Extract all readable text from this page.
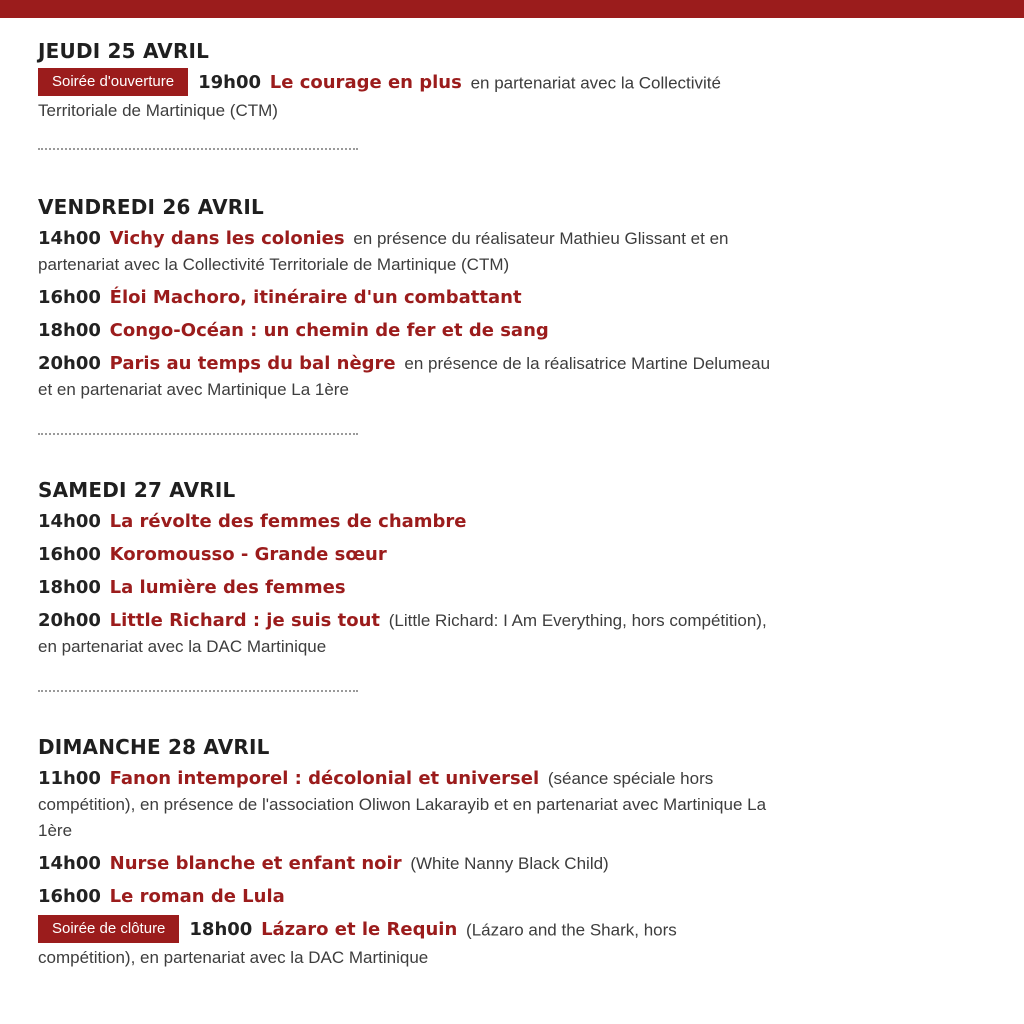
JEUDI 25 AVRIL

Soirée d'ouverture 19h00 Le courage en plus en partenariat avec la Collectivité Territoriale de Martinique (CTM)

VENDREDI 26 AVRIL

14h00 Vichy dans les colonies en présence du réalisateur Mathieu Glissant et en partenariat avec la Collectivité Territoriale de Martinique (CTM)

16h00 Éloi Machoro, itinéraire d'un combattant

18h00 Congo-Océan : un chemin de fer et de sang

20h00 Paris au temps du bal nègre en présence de la réalisatrice Martine Delumeau et en partenariat avec Martinique La 1ère

SAMEDI 27 AVRIL

14h00 La révolte des femmes de chambre

16h00 Koromousso - Grande sœur

18h00 La lumière des femmes

20h00 Little Richard : je suis tout (Little Richard: I Am Everything, hors compétition), en partenariat avec la DAC Martinique

DIMANCHE 28 AVRIL

11h00 Fanon intemporel : décolonial et universel (séance spéciale hors compétition), en présence de l'association Oliwon Lakarayib et en partenariat avec Martinique La 1ère

14h00 Nurse blanche et enfant noir (White Nanny Black Child)

16h00 Le roman de Lula

Soirée de clôture 18h00 Lázaro et le Requin (Lázaro and the Shark, hors compétition), en partenariat avec la DAC Martinique
